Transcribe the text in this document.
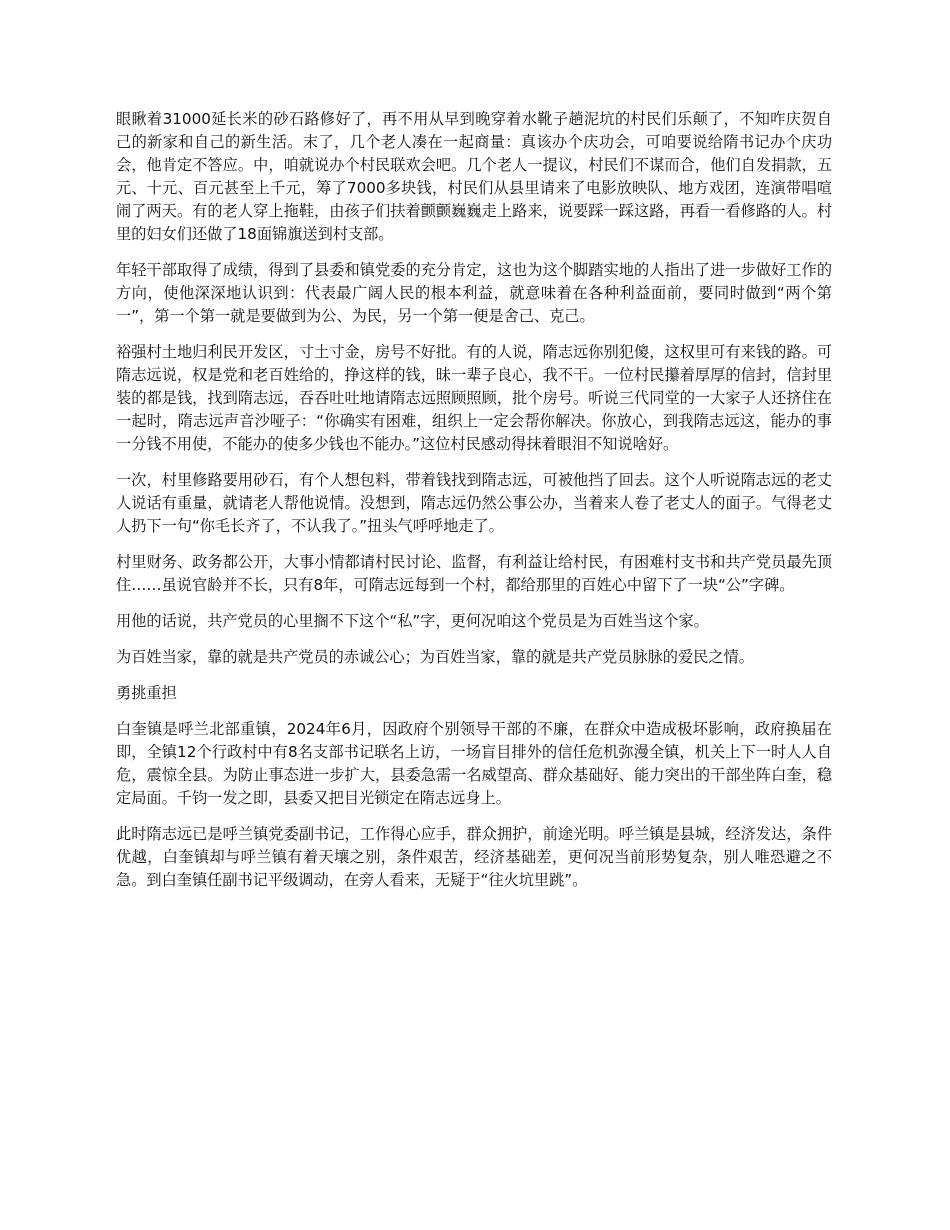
眼瞅着31000延长米的砂石路修好了，再不用从早到晚穿着水靴子趟泥坑的村民们乐颠了，不知咋庆贺自己的新家和自己的新生活。末了，几个老人凑在一起商量：真该办个庆功会，可咱要说给隋书记办个庆功会，他肯定不答应。中，咱就说办个村民联欢会吧。几个老人一提议，村民们不谋而合，他们自发捐款，五元、十元、百元甚至上千元，筹了7000多块钱，村民们从县里请来了电影放映队、地方戏团，连演带唱喧闹了两天。有的老人穿上拖鞋，由孩子们扶着颤颤巍巍走上路来，说要踩一踩这路，再看一看修路的人。村里的妇女们还做了18面锦旗送到村支部。

年轻干部取得了成绩，得到了县委和镇党委的充分肯定，这也为这个脚踏实地的人指出了进一步做好工作的方向，使他深深地认识到：代表最广阔人民的根本利益，就意味着在各种利益面前，要同时做到“两个第一”，第一个第一就是要做到为公、为民，另一个第一便是舍己、克己。

裕强村土地归利民开发区，寸土寸金，房号不好批。有的人说，隋志远你别犯傻，这权里可有来钱的路。可隋志远说，权是党和老百姓给的，挣这样的钱，昧一辈子良心，我不干。一位村民攥着厚厚的信封，信封里装的都是钱，找到隋志远，吞吞吐吐地请隋志远照顾照顾，批个房号。听说三代同堂的一大家子人还挤住在一起时，隋志远声音沙哑子：“你确实有困难，组织上一定会帮你解决。你放心，到我隋志远这，能办的事一分钱不用使，不能办的使多少钱也不能办。”这位村民感动得抹着眼泪不知说啥好。

一次，村里修路要用砂石，有个人想包料，带着钱找到隋志远，可被他挡了回去。这个人听说隋志远的老丈人说话有重量，就请老人帮他说情。没想到，隋志远仍然公事公办，当着来人卷了老丈人的面子。气得老丈人扔下一句“你毛长齐了，不认我了。”扭头气呼呼地走了。

村里财务、政务都公开，大事小情都请村民讨论、监督，有利益让给村民，有困难村支书和共产党员最先顶住……虽说官龄并不长，只有8年，可隋志远每到一个村，都给那里的百姓心中留下了一块“公”字碑。

用他的话说，共产党员的心里搁不下这个“私”字，更何况咱这个党员是为百姓当这个家。

为百姓当家，靠的就是共产党员的赤诚公心；为百姓当家，靠的就是共产党员脉脉的爱民之情。

勇挑重担

白奎镇是呼兰北部重镇，2024年6月，因政府个别领导干部的不廉，在群众中造成极坏影响，政府换届在即，全镇12个行政村中有8名支部书记联名上访，一场盲目排外的信任危机弥漫全镇，机关上下一时人人自危，震惊全县。为防止事态进一步扩大，县委急需一名威望高、群众基础好、能力突出的干部坐阵白奎，稳定局面。千钧一发之即，县委又把目光锁定在隋志远身上。

此时隋志远已是呼兰镇党委副书记，工作得心应手，群众拥护，前途光明。呼兰镇是县城，经济发达，条件优越，白奎镇却与呼兰镇有着天壤之别，条件艰苦，经济基础差，更何况当前形势复杂，别人唯恐避之不急。到白奎镇任副书记平级调动，在旁人看来，无疑于“往火坑里跳”。
